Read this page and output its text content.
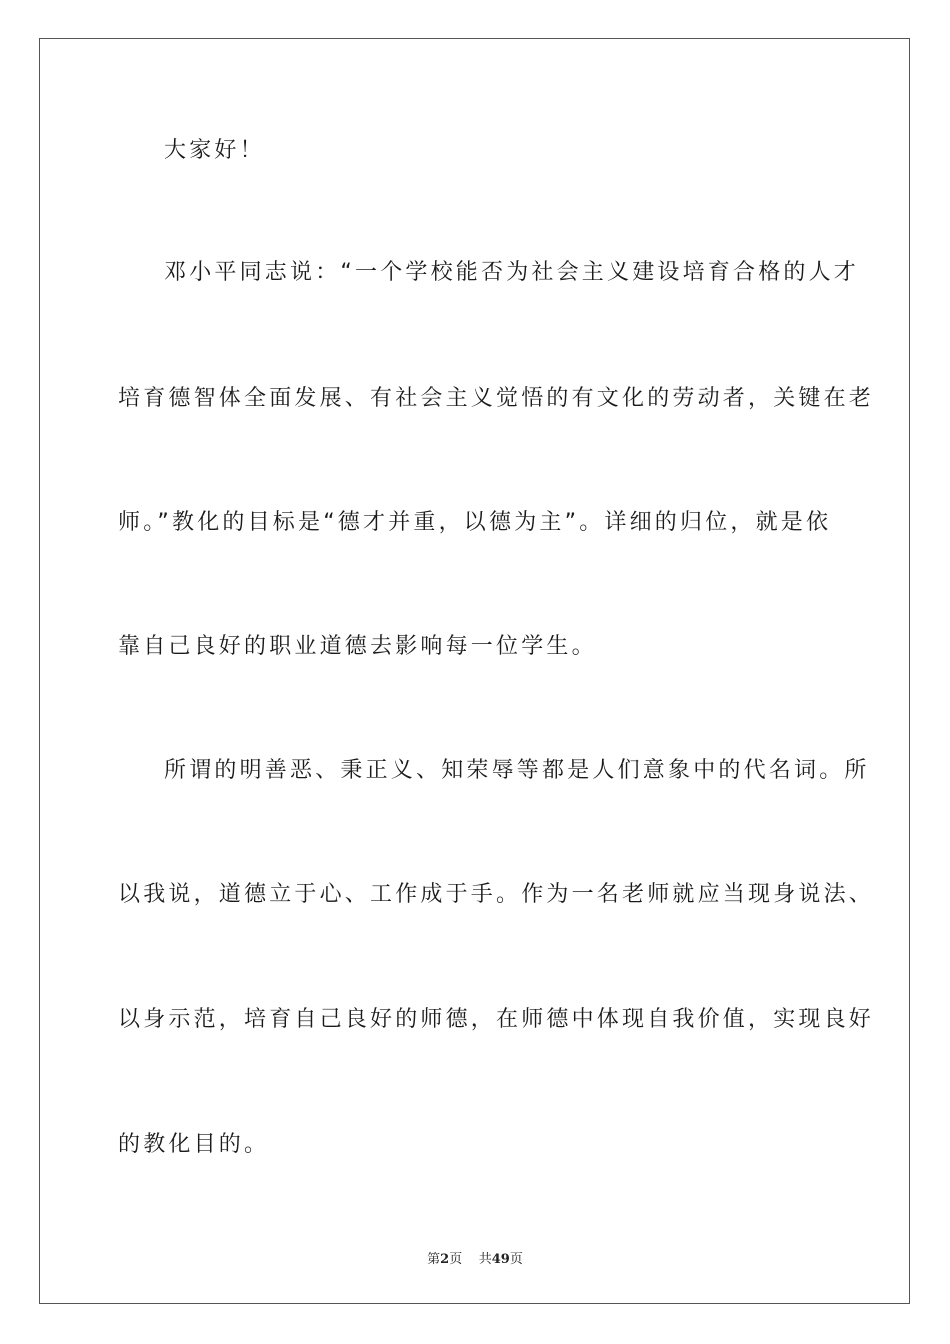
大家好！
邓小平同志说：“一个学校能否为社会主义建设培育合格的人才
培育德智体全面发展、有社会主义觉悟的有文化的劳动者，关键在老
师。”教化的目标是“德才并重，以德为主”。详细的归位，就是依
靠自己良好的职业道德去影响每一位学生。
所谓的明善恶、秉正义、知荣辱等都是人们意象中的代名词。所
以我说，道德立于心、工作成于手。作为一名老师就应当现身说法、
以身示范，培育自己良好的师德，在师德中体现自我价值，实现良好
的教化目的。
第2页 共49页
